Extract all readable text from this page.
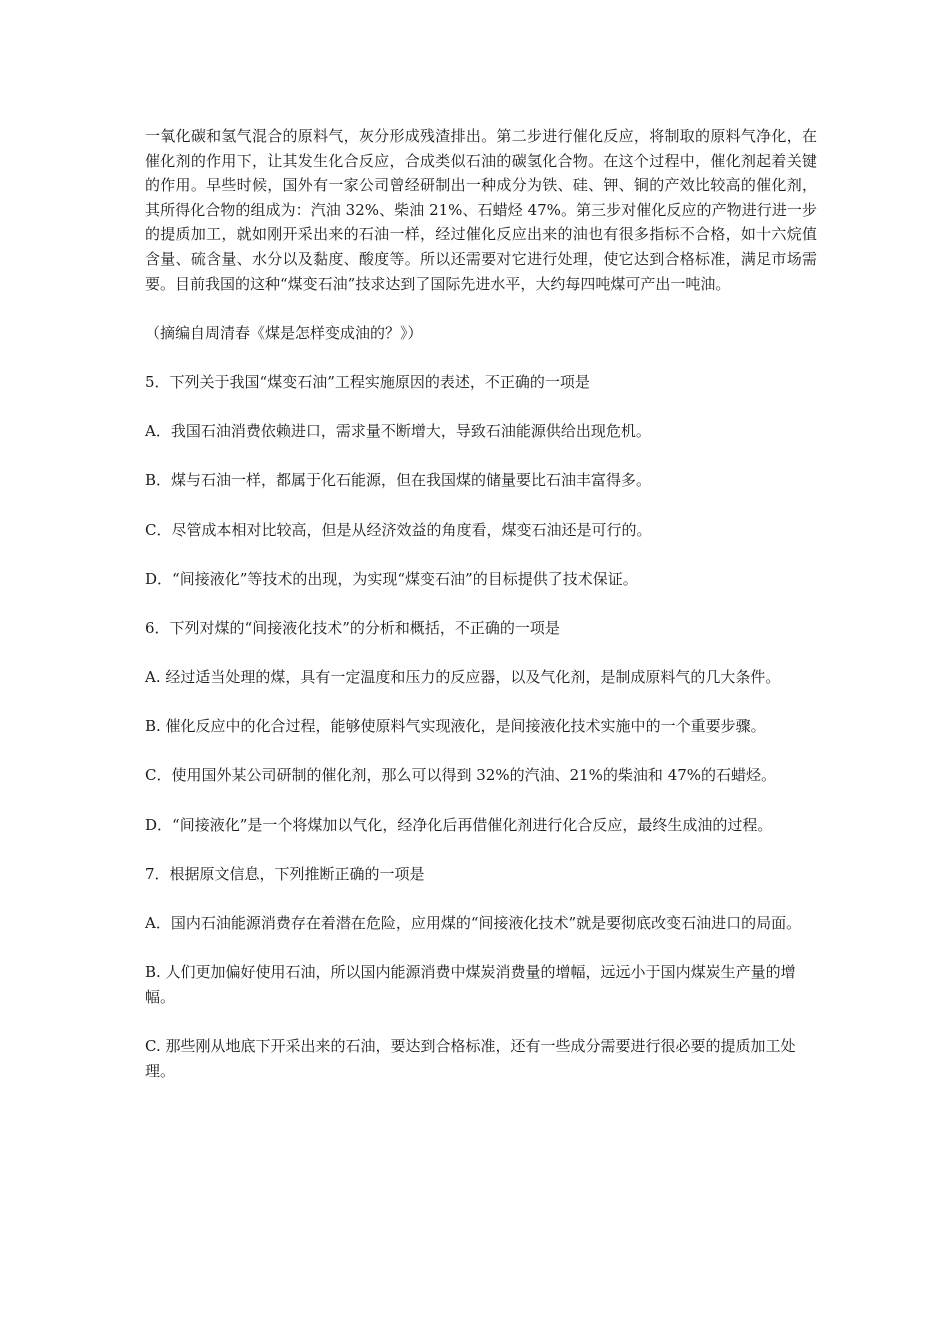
一氧化碳和氢气混合的原料气，灰分形成残渣排出。第二步进行催化反应，将制取的原料气净化，在催化剂的作用下，让其发生化合反应，合成类似石油的碳氢化合物。在这个过程中，催化剂起着关键的作用。早些时候，国外有一家公司曾经研制出一种成分为铁、硅、钾、铜的产效比较高的催化剂，其所得化合物的组成为：汽油 32%、柴油 21%、石蜡烃 47%。第三步对催化反应的产物进行进一步的提质加工，就如刚开采出来的石油一样，经过催化反应出来的油也有很多指标不合格，如十六烷值含量、硫含量、水分以及黏度、酸度等。所以还需要对它进行处理，使它达到合格标准，满足市场需要。目前我国的这种“煤变石油”技求达到了国际先进水平，大约每四吨煤可产出一吨油。

（摘编自周清春《煤是怎样变成油的？》）

5．下列关于我国“煤变石油”工程实施原因的表述，不正确的一项是

A．我国石油消费依赖进口，需求量不断增大，导致石油能源供给出现危机。

B．煤与石油一样，都属于化石能源，但在我国煤的储量要比石油丰富得多。

C．尽管成本相对比较高，但是从经济效益的角度看，煤变石油还是可行的。

D．“间接液化”等技术的出现，为实现“煤变石油”的目标提供了技术保证。

6．下列对煤的“间接液化技术”的分析和概括，不正确的一项是

A. 经过适当处理的煤，具有一定温度和压力的反应器，以及气化剂，是制成原料气的几大条件。

B. 催化反应中的化合过程，能够使原料气实现液化，是间接液化技术实施中的一个重要步骤。

C．使用国外某公司研制的催化剂，那么可以得到 32%的汽油、21%的柴油和 47%的石蜡烃。

D．“间接液化”是一个将煤加以气化，经净化后再借催化剂进行化合反应，最终生成油的过程。

7．根据原文信息，下列推断正确的一项是

A．国内石油能源消费存在着潜在危险，应用煤的“间接液化技术”就是要彻底改变石油进口的局面。

B. 人们更加偏好使用石油，所以国内能源消费中煤炭消费量的增幅，远远小于国内煤炭生产量的增幅。

C. 那些刚从地底下开采出来的石油，要达到合格标准，还有一些成分需要进行很必要的提质加工处理。
